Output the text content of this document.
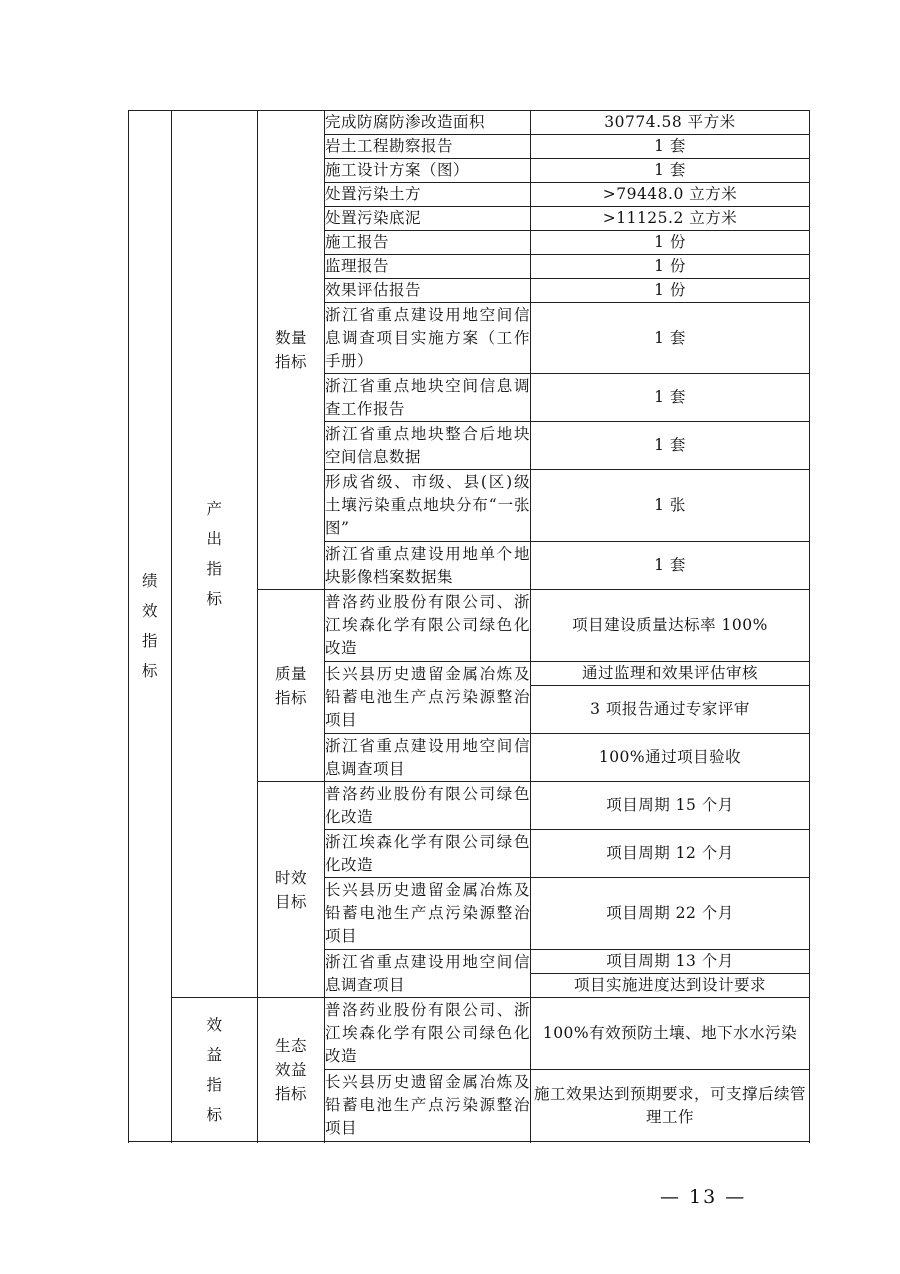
绩效指标	产出指标	数量指标	完成防腐防渗改造面积	30774.58 平方米
			岩土工程勘察报告	1 套
			施工设计方案（图）	1 套
			处置污染土方	>79448.0 立方米
			处置污染底泥	>11125.2 立方米
			施工报告	1 份
			监理报告	1 份
			效果评估报告	1 份
			浙江省重点建设用地空间信息调查项目实施方案（工作手册）	1 套
			浙江省重点地块空间信息调查工作报告	1 套
			浙江省重点地块整合后地块空间信息数据	1 套
			形成省级、市级、县(区)级土壤污染重点地块分布“一张图”	1 张
			浙江省重点建设用地单个地块影像档案数据集	1 套
		质量指标	普洛药业股份有限公司、浙江埃森化学有限公司绿色化改造	项目建设质量达标率 100%
			长兴县历史遗留金属冶炼及铅蓄电池生产点污染源整治项目	通过监理和效果评估审核
				3 项报告通过专家评审
			浙江省重点建设用地空间信息调查项目	100%通过项目验收

		时效目标	普洛药业股份有限公司绿色化改造	项目周期 15 个月
			浙江埃森化学有限公司绿色化改造	项目周期 12 个月
			长兴县历史遗留金属冶炼及铅蓄电池生产点污染源整治项目	项目周期 22 个月
			浙江省重点建设用地空间信息调查项目	项目周期 13 个月
				项目实施进度达到设计要求

	效益指标	生态效益指标	普洛药业股份有限公司、浙江埃森化学有限公司绿色化改造	100%有效预防土壤、地下水水污染
			长兴县历史遗留金属冶炼及铅蓄电池生产点污染源整治项目	施工效果达到预期要求，可支撑后续管理工作

— 13 —
